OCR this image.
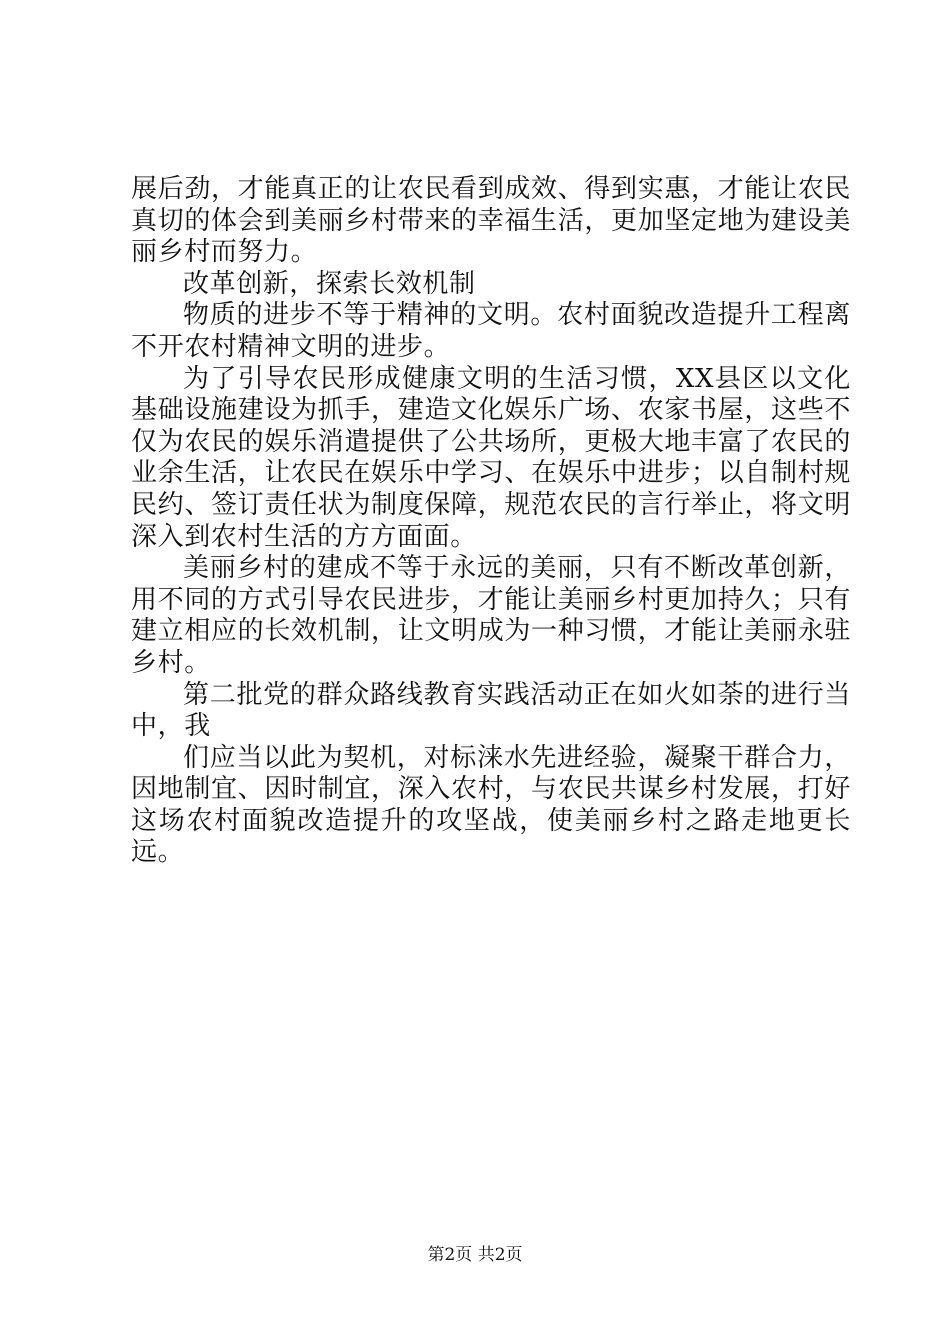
展后劲，才能真正的让农民看到成效、得到实惠，才能让农民真切的体会到美丽乡村带来的幸福生活，更加坚定地为建设美丽乡村而努力。

改革创新，探索长效机制

物质的进步不等于精神的文明。农村面貌改造提升工程离不开农村精神文明的进步。

为了引导农民形成健康文明的生活习惯，XX县区以文化基础设施建设为抓手，建造文化娱乐广场、农家书屋，这些不仅为农民的娱乐消遣提供了公共场所，更极大地丰富了农民的业余生活，让农民在娱乐中学习、在娱乐中进步；以自制村规民约、签订责任状为制度保障，规范农民的言行举止，将文明深入到农村生活的方方面面。

美丽乡村的建成不等于永远的美丽，只有不断改革创新，用不同的方式引导农民进步，才能让美丽乡村更加持久；只有建立相应的长效机制，让文明成为一种习惯，才能让美丽永驻乡村。

第二批党的群众路线教育实践活动正在如火如荼的进行当中，我

们应当以此为契机，对标涞水先进经验，凝聚干群合力，因地制宜、因时制宜，深入农村，与农民共谋乡村发展，打好这场农村面貌改造提升的攻坚战，使美丽乡村之路走地更长远。

第2页 共2页
